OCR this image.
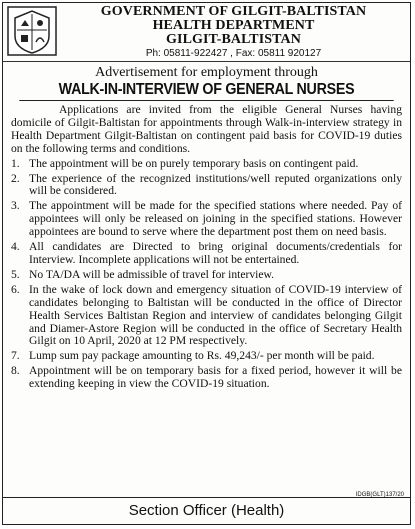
GOVERNMENT OF GILGIT-BALTISTAN
HEALTH DEPARTMENT
GILGIT-BALTISTAN
Ph: 05811-922427 , Fax: 05811 920127
Advertisement for employment through
WALK-IN-INTERVIEW OF GENERAL NURSES

Applications are invited from the eligible General Nurses having domicile of Gilgit-Baltistan for appointments through Walk-in-interview strategy in Health Department Gilgit-Baltistan on contingent paid basis for COVID-19 duties on the following terms and conditions.

1. The appointment will be on purely temporary basis on contingent paid.
2. The experience of the recognized institutions/well reputed organizations only will be considered.
3. The appointment will be made for the specified stations where needed. Pay of appointees will only be released on joining in the specified stations. However appointees are bound to serve where the department post them on need basis.
4. All candidates are Directed to bring original documents/credentials for Interview. Incomplete applications will not be entertained.
5. No TA/DA will be admissible of travel for interview.
6. In the wake of lock down and emergency situation of COVID-19 interview of candidates belonging to Baltistan will be conducted in the office of Director Health Services Baltistan Region and interview of candidates belonging Gilgit and Diamer-Astore Region will be conducted in the office of Secretary Health Gilgit on 10 April, 2020 at 12 PM respectively.
7. Lump sum pay package amounting to Rs. 49,243/- per month will be paid.
8. Appointment will be on temporary basis for a fixed period, however it will be extending keeping in view the COVID-19 situation.
IDGB(GLT)137/20
Section Officer (Health)
